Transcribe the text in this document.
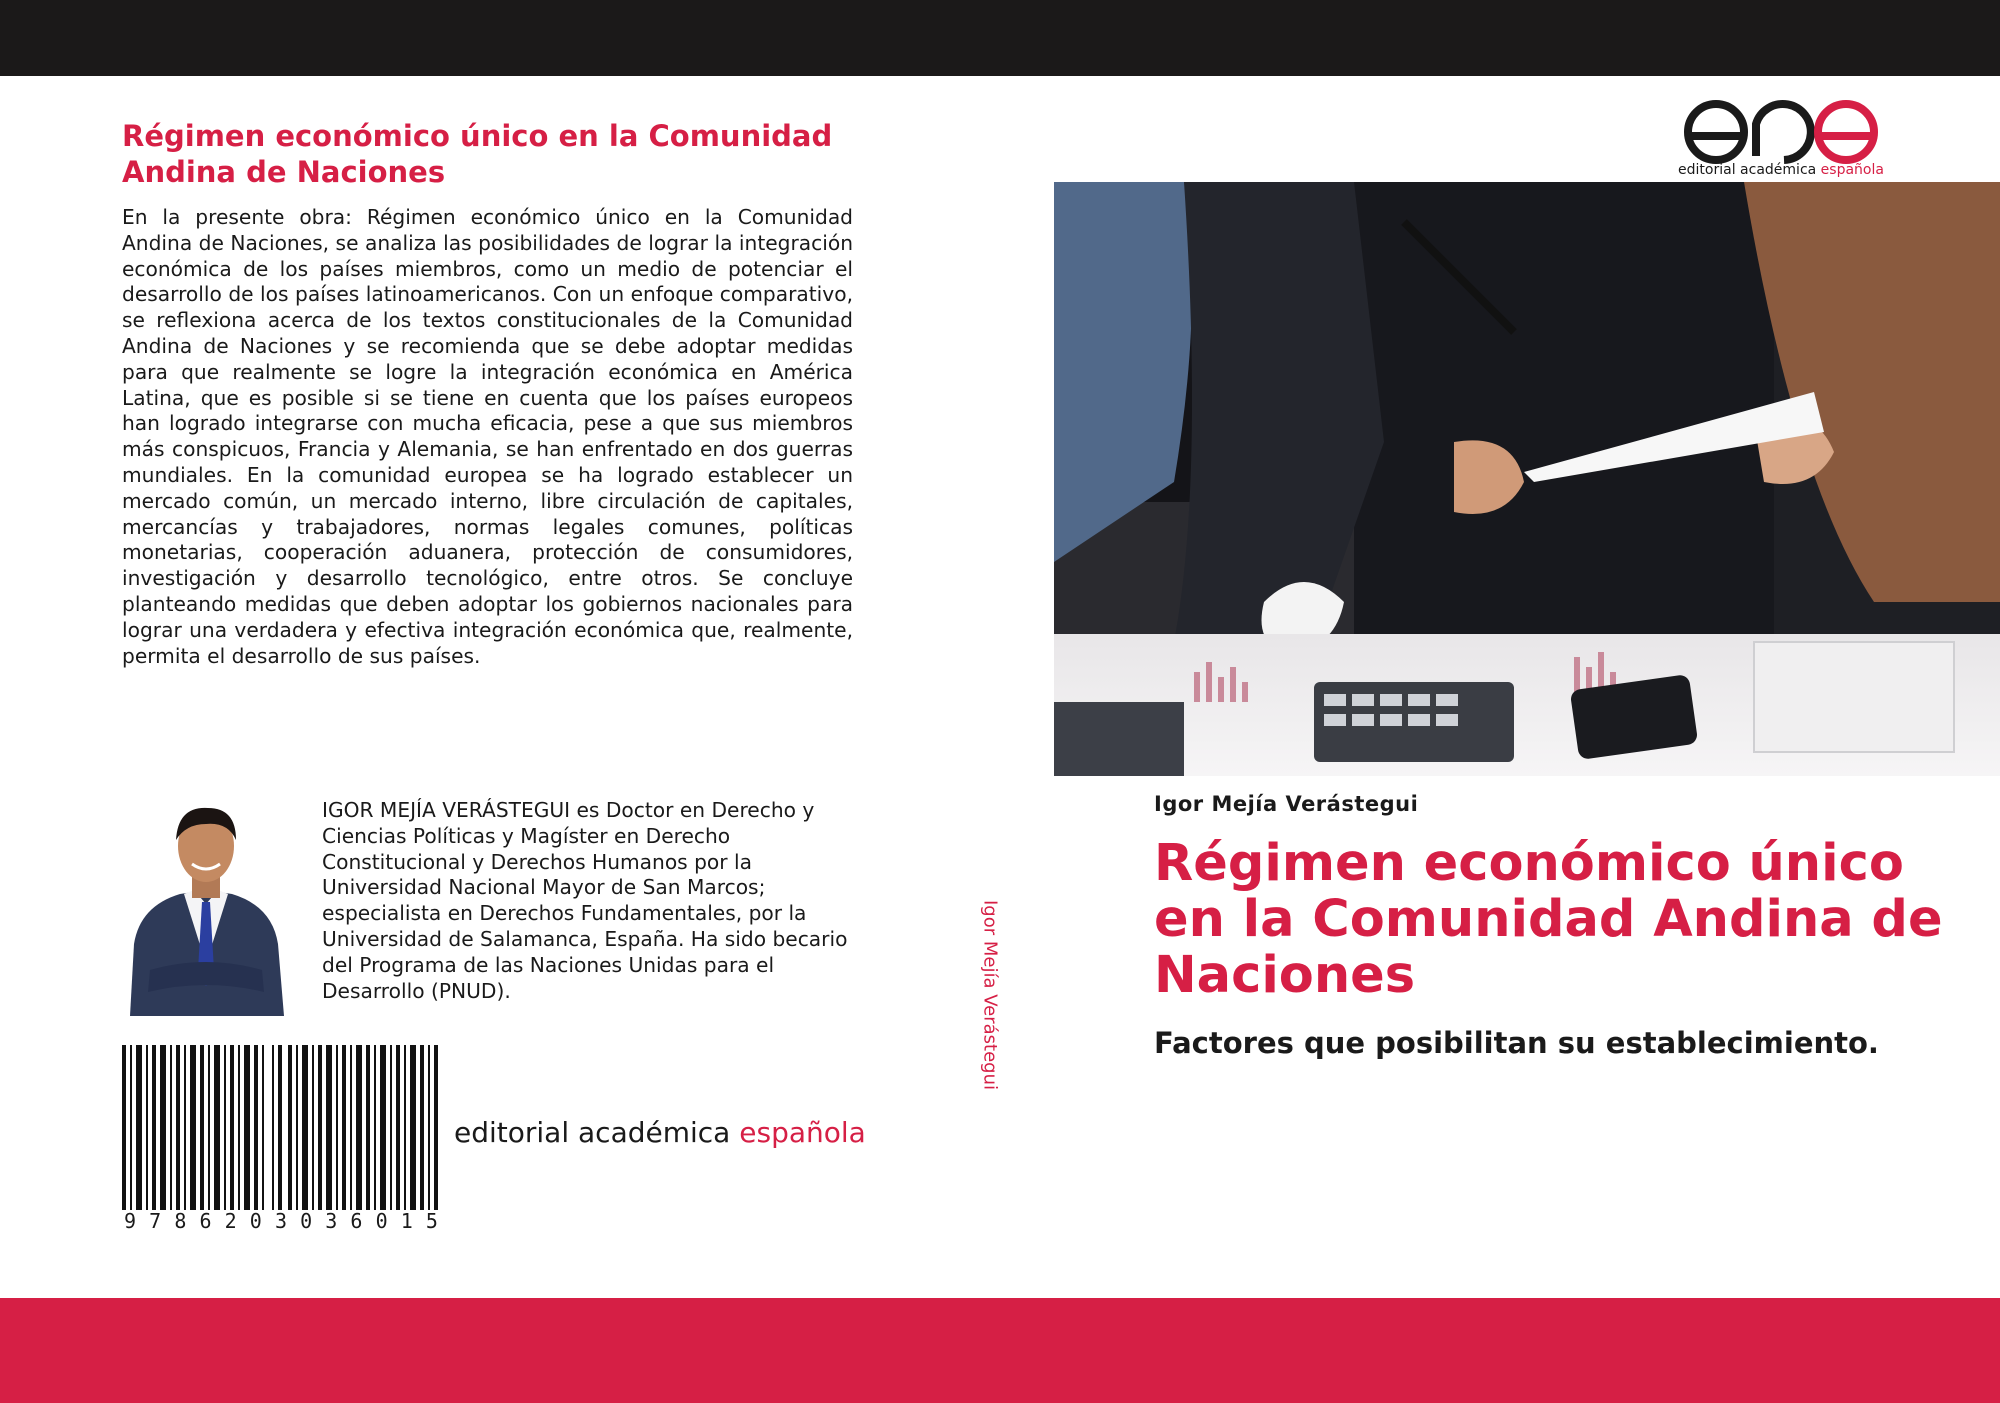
Régimen económico único en la Comunidad Andina de Naciones
En la presente obra: Régimen económico único en la Comunidad Andina de Naciones, se analiza las posibilidades de lograr la integración económica de los países miembros, como un medio de potenciar el desarrollo de los países latinoamericanos. Con un enfoque comparativo, se reflexiona acerca de los textos constitucionales de la Comunidad Andina de Naciones y se recomienda que se debe adoptar medidas para que realmente se logre la integración económica en América Latina, que es posible si se tiene en cuenta que los países europeos han logrado integrarse con mucha eficacia, pese a que sus miembros más conspicuos, Francia y Alemania, se han enfrentado en dos guerras mundiales. En la comunidad europea se ha logrado establecer un mercado común, un mercado interno, libre circulación de capitales, mercancías y trabajadores, normas legales comunes, políticas monetarias, cooperación aduanera, protección de consumidores, investigación y desarrollo tecnológico, entre otros. Se concluye planteando medidas que deben adoptar los gobiernos nacionales para lograr una verdadera y efectiva integración económica que, realmente, permita el desarrollo de sus países.
IGOR MEJÍA VERÁSTEGUI es Doctor en Derecho y Ciencias Políticas y Magíster en Derecho Constitucional y Derechos Humanos por la Universidad Nacional Mayor de San Marcos; especialista en Derechos Fundamentales, por la Universidad de Salamanca, España. Ha sido becario del Programa de las Naciones Unidas para el Desarrollo (PNUD).
9 7 8 6 2 0 3 0 3 6 0 1 5
editorial académica española
Igor Mejía Verástegui
editorial académica española
Igor Mejía Verástegui
Régimen económico único en la Comunidad Andina de Naciones
Factores que posibilitan su establecimiento.
